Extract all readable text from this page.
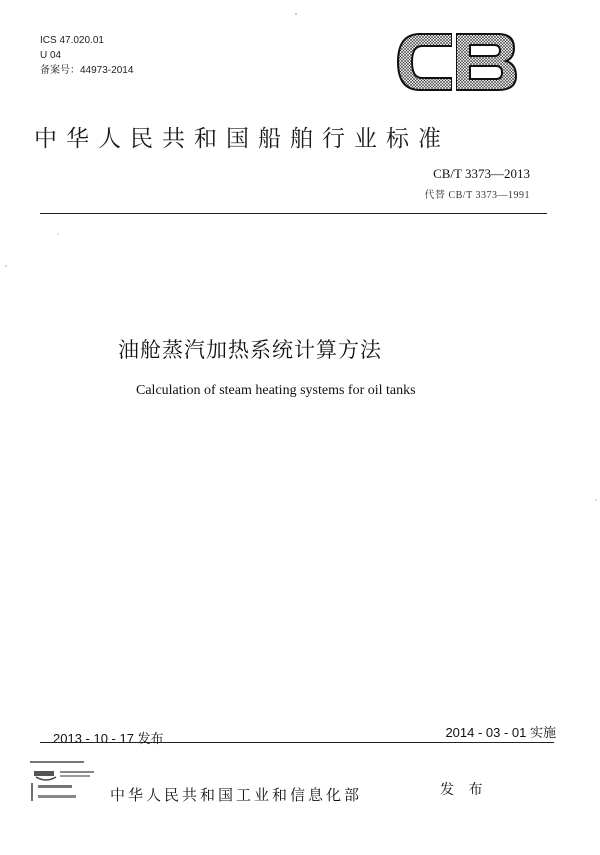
ICS 47.020.01
U 04
备案号：44973-2014
中华人民共和国船舶行业标准
CB/T 3373—2013
代替 CB/T 3373—1991
油舱蒸汽加热系统计算方法
Calculation of steam heating systems for oil tanks
2013 - 10 - 17 发布	2014 - 03 - 01 实施
中华人民共和国工业和信息化部	发 布
